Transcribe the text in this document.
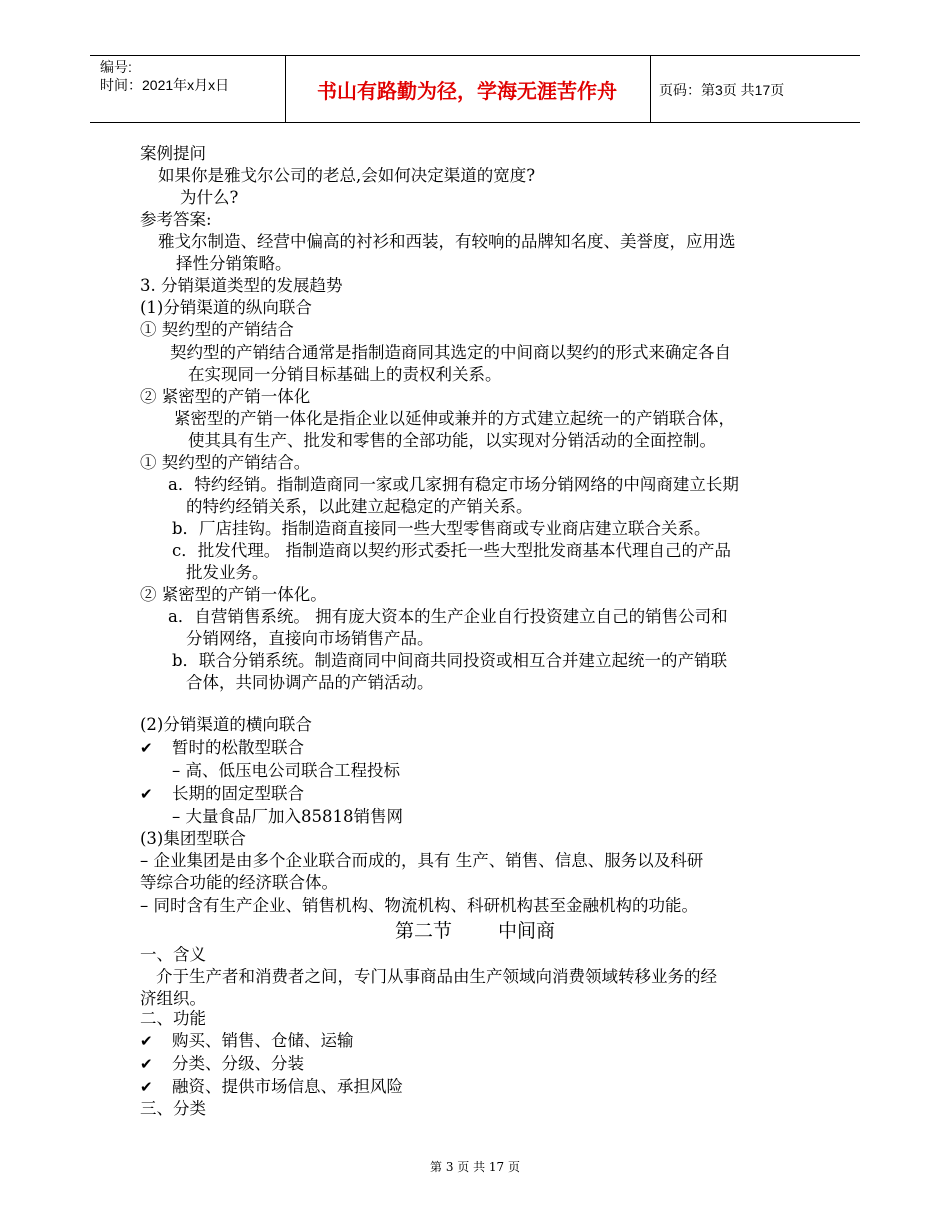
编号:
时间：2021年x月x日	书山有路勤为径，学海无涯苦作舟	页码：第3页 共17页
案例提问
如果你是雅戈尔公司的老总,会如何决定渠道的宽度?
为什么?
参考答案:
雅戈尔制造、经营中偏高的衬衫和西装，有较响的品牌知名度、美誉度，应用选
择性分销策略。
3. 分销渠道类型的发展趋势
(1)分销渠道的纵向联合
① 契约型的产销结合
契约型的产销结合通常是指制造商同其选定的中间商以契约的形式来确定各自
在实现同一分销目标基础上的责权利关系。
② 紧密型的产销一体化
紧密型的产销一体化是指企业以延伸或兼并的方式建立起统一的产销联合体，
使其具有生产、批发和零售的全部功能，以实现对分销活动的全面控制。
① 契约型的产销结合。
a．特约经销。指制造商同一家或几家拥有稳定市场分销网络的中闯商建立长期
的特约经销关系，以此建立起稳定的产销关系。
b．厂店挂钩。指制造商直接同一些大型零售商或专业商店建立联合关系。
c．批发代理。 指制造商以契约形式委托一些大型批发商基本代理自己的产品
批发业务。
② 紧密型的产销一体化。
a．自营销售系统。 拥有庞大资本的生产企业自行投资建立自己的销售公司和
分销网络，直接向市场销售产品。
b．联合分销系统。制造商同中间商共同投资或相互合并建立起统一的产销联
合体，共同协调产品的产销活动。
(2)分销渠道的横向联合
✔ 暂时的松散型联合
– 高、低压电公司联合工程投标
✔ 长期的固定型联合
– 大量食品厂加入85818销售网
(3)集团型联合
– 企业集团是由多个企业联合而成的，具有 生产、销售、信息、服务以及科研
等综合功能的经济联合体。
– 同时含有生产企业、销售机构、物流机构、科研机构甚至金融机构的功能。
第二节 中间商
一、含义
介于生产者和消费者之间，专门从事商品由生产领域向消费领域转移业务的经
济组织。
二、功能
✔ 购买、销售、仓储、运输
✔ 分类、分级、分装
✔ 融资、提供市场信息、承担风险
三、分类
第 3 页 共 17 页
